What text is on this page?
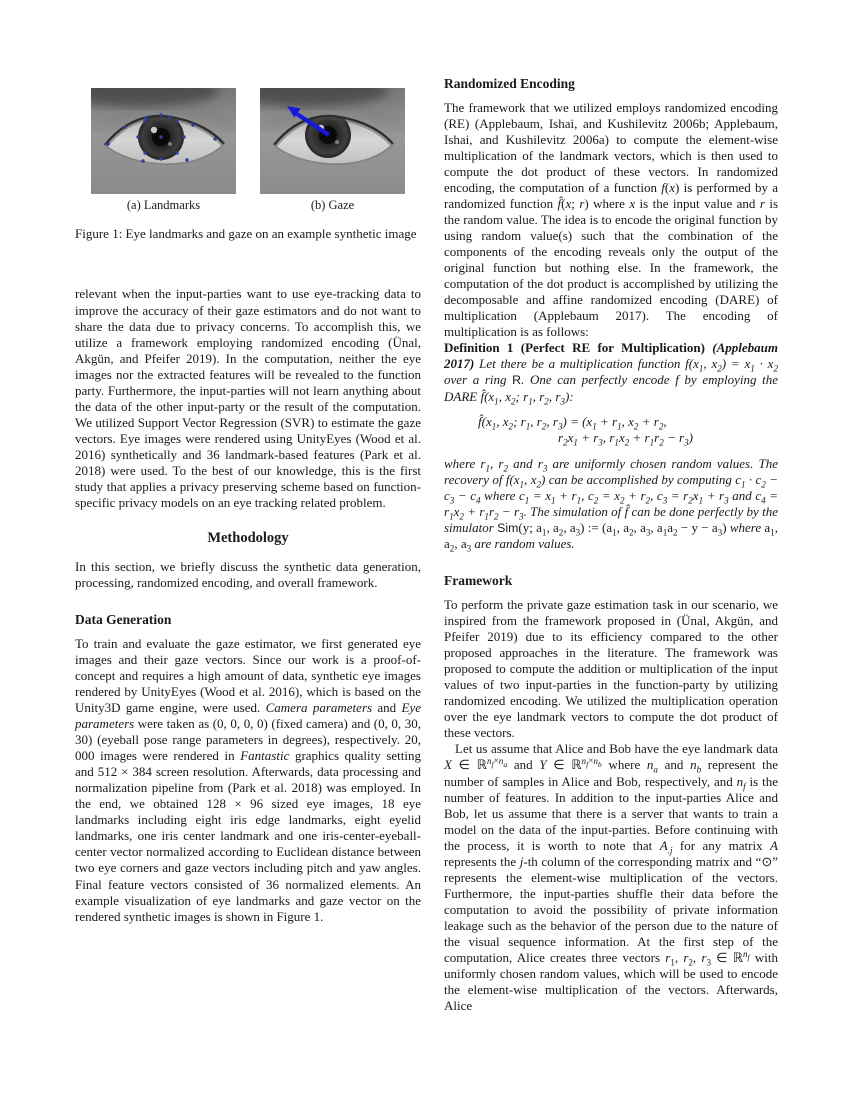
(a) Landmarks	(b) Gaze
Figure 1: Eye landmarks and gaze on an example synthetic image

relevant when the input-parties want to use eye-tracking data to improve the accuracy of their gaze estimators and do not want to share the data due to privacy concerns. To accomplish this, we utilize a framework employing randomized encoding (Ünal, Akgün, and Pfeifer 2019). In the computation, neither the eye images nor the extracted features will be revealed to the function party. Furthermore, the input-parties will not learn anything about the data of the other input-party or the result of the computation. We utilized Support Vector Regression (SVR) to estimate the gaze vectors. Eye images were rendered using UnityEyes (Wood et al. 2016) synthetically and 36 landmark-based features (Park et al. 2018) were used. To the best of our knowledge, this is the first study that applies a privacy preserving scheme based on function-specific privacy models on an eye tracking related problem.

Methodology

In this section, we briefly discuss the synthetic data generation, processing, randomized encoding, and overall framework.

Data Generation

To train and evaluate the gaze estimator, we first generated eye images and their gaze vectors. Since our work is a proof-of-concept and requires a high amount of data, synthetic eye images rendered by UnityEyes (Wood et al. 2016), which is based on the Unity3D game engine, were used. Camera parameters and Eye parameters were taken as (0, 0, 0, 0) (fixed camera) and (0, 0, 30, 30) (eyeball pose range parameters in degrees), respectively. 20, 000 images were rendered in Fantastic graphics quality setting and 512 × 384 screen resolution. Afterwards, data processing and normalization pipeline from (Park et al. 2018) was employed. In the end, we obtained 128 × 96 sized eye images, 18 eye landmarks including eight iris edge landmarks, eight eyelid landmarks, one iris center landmark and one iris-center-eyeball-center vector normalized according to Euclidean distance between two eye corners and gaze vectors including pitch and yaw angles. Final feature vectors consisted of 36 normalized elements. An example visualization of eye landmarks and gaze vector on the rendered synthetic images is shown in Figure 1.

Randomized Encoding

The framework that we utilized employs randomized encoding (RE) (Applebaum, Ishai, and Kushilevitz 2006b; Applebaum, Ishai, and Kushilevitz 2006a) to compute the element-wise multiplication of the landmark vectors, which is then used to compute the dot product of these vectors. In randomized encoding, the computation of a function f(x) is performed by a randomized function f̂(x; r) where x is the input value and r is the random value. The idea is to encode the original function by using random value(s) such that the combination of the components of the encoding reveals only the output of the original function but nothing else. In the framework, the computation of the dot product is accomplished by utilizing the decomposable and affine randomized encoding (DARE) of multiplication (Applebaum 2017). The encoding of multiplication is as follows:

Definition 1 (Perfect RE for Multiplication) (Applebaum 2017) Let there be a multiplication function $f(x_1$, $x_2) = x_1 \cdot x_2$ over a ring R. One can perfectly encode f by employing the DARE $f̂(x_1$, $x_2$; $r_1$, $r_2$, $r_3$):

$f̂(x_1$, $x_2$; $r_1$, $r_2$, $r_3) = (x_1 + r_1$, $x_2 + r_2$,
$r_2x_1 + r_3$, $r_1x_2 + r_1r_2 - r_3$)

where $r_1$, $r_2$ and $r_3$ are uniformly chosen random values. The recovery of $f(x_1$, $x_2$) can be accomplished by computing $c_1 \cdot c_2 - c_3 - c_4$ where $c_1 = x_1 + r_1$, $c_2 = x_2 + r_2$, $c_3 = r_2x_1 + r_3$ and $c_4 = r_1x_2 + r_1r_2 - r_3$. The simulation of f̂ can be done perfectly by the simulator Sim(y; $a_1$, $a_2$, $a_3$) := ($a_1$, $a_2$, $a_3$, $a_1a_2 - y - a_3$) where $a_1$, $a_2$, $a_3$ are random values.

Framework

To perform the private gaze estimation task in our scenario, we inspired from the framework proposed in (Ünal, Akgün, and Pfeifer 2019) due to its efficiency compared to the other proposed approaches in the literature. The framework was proposed to compute the addition or multiplication of the input values of two input-parties in the function-party by utilizing randomized encoding. We utilized the multiplication operation over the eye landmark vectors to compute the dot product of these vectors.

Let us assume that Alice and Bob have the eye landmark data X ∈ ℝ$^{n_f\times n_a}$ and Y ∈ ℝ$^{n_f\times n_b}$ where $n_a$ and $n_b$ represent the number of samples in Alice and Bob, respectively, and $n_f$ is the number of features. In addition to the input-parties Alice and Bob, let us assume that there is a server that wants to train a model on the data of the input-parties. Before continuing with the process, it is worth to note that $A_{.j}$ for any matrix A represents the j-th column of the corresponding matrix and “⊙” represents the element-wise multiplication of the vectors. Furthermore, the input-parties shuffle their data before the computation to avoid the possibility of private information leakage such as the behavior of the person due to the nature of the visual sequence information. At the first step of the computation, Alice creates three vectors $r_1$, $r_2$, $r_3$ ∈ ℝ$^{n_f}$ with uniformly chosen random values, which will be used to encode the element-wise multiplication of the vectors. Afterwards, Alice
